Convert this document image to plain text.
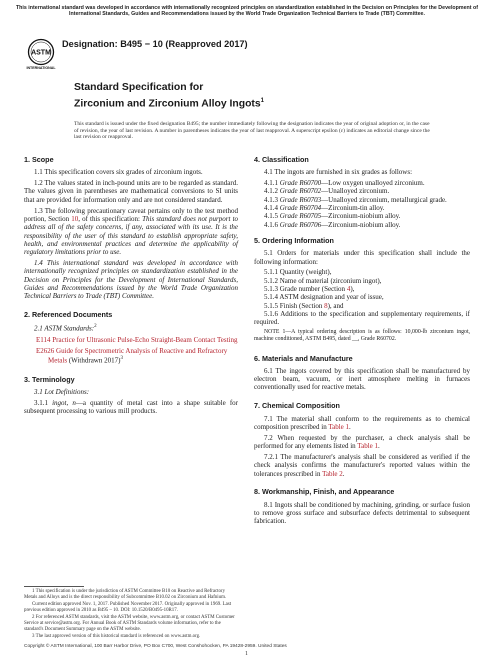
This international standard was developed in accordance with internationally recognized principles on standardization established in the Decision on Principles for the Development of International Standards, Guides and Recommendations issued by the World Trade Organization Technical Barriers to Trade (TBT) Committee.
ASTM
INTERNATIONAL
Designation: B495 − 10 (Reapproved 2017)
Standard Specification for
Zirconium and Zirconium Alloy Ingots$^1$
This standard is issued under the fixed designation B495; the number immediately following the designation indicates the year of original adoption or, in the case of revision, the year of last revision. A number in parentheses indicates the year of last reapproval. A superscript epsilon (ε) indicates an editorial change since the last revision or reapproval.
1. Scope

1.1 This specification covers six grades of zirconium ingots.

1.2 The values stated in inch-pound units are to be regarded as standard. The values given in parentheses are mathematical conversions to SI units that are provided for information only and are not considered standard.

1.3 The following precautionary caveat pertains only to the test method portion, Section 10, of this specification: This standard does not purport to address all of the safety concerns, if any, associated with its use. It is the responsibility of the user of this standard to establish appropriate safety, health, and environmental practices and determine the applicability of regulatory limitations prior to use.

1.4 This international standard was developed in accordance with internationally recognized principles on standardization established in the Decision on Principles for the Development of International Standards, Guides and Recommendations issued by the World Trade Organization Technical Barriers to Trade (TBT) Committee.

2. Referenced Documents

2.1 ASTM Standards:$^2$

E114 Practice for Ultrasonic Pulse-Echo Straight-Beam Contact Testing

E2626 Guide for Spectrometric Analysis of Reactive and Refractory Metals (Withdrawn 2017)$^3$

3. Terminology

3.1 Lot Definitions:

3.1.1 ingot, n—a quantity of metal cast into a shape suitable for subsequent processing to various mill products.

1 This specification is under the jurisdiction of ASTM Committee B10 on Reactive and Refractory Metals and Alloys and is the direct responsibility of Subcommittee B10.02 on Zirconium and Hafnium.

Current edition approved Nov. 1, 2017. Published November 2017. Originally approved in 1969. Last previous edition approved in 2010 as B495 – 10. DOI: 10.1520/B0495-10R17.

2 For referenced ASTM standards, visit the ASTM website, www.astm.org, or contact ASTM Customer Service at service@astm.org. For Annual Book of ASTM Standards volume information, refer to the standard's Document Summary page on the ASTM website.

3 The last approved version of this historical standard is referenced on www.astm.org.

4. Classification

4.1 The ingots are furnished in six grades as follows:

4.1.1 Grade R60700—Low oxygen unalloyed zirconium.

4.1.2 Grade R60702—Unalloyed zirconium.

4.1.3 Grade R60703—Unalloyed zirconium, metallurgical grade.

4.1.4 Grade R60704—Zirconium-tin alloy.

4.1.5 Grade R60705—Zirconium-niobium alloy.

4.1.6 Grade R60706—Zirconium-niobium alloy.

5. Ordering Information

5.1 Orders for materials under this specification shall include the following information:

5.1.1 Quantity (weight),

5.1.2 Name of material (zirconium ingot),

5.1.3 Grade number (Section 4),

5.1.4 ASTM designation and year of issue,

5.1.5 Finish (Section 8), and

5.1.6 Additions to the specification and supplementary requirements, if required.

NOTE 1—A typical ordering description is as follows: 10,000-lb zirconium ingot, machine conditioned, ASTM B495, dated __, Grade R60702.

6. Materials and Manufacture

6.1 The ingots covered by this specification shall be manufactured by electron beam, vacuum, or inert atmosphere melting in furnaces conventionally used for reactive metals.

7. Chemical Composition

7.1 The material shall conform to the requirements as to chemical composition prescribed in Table 1.

7.2 When requested by the purchaser, a check analysis shall be performed for any elements listed in Table 1.

7.2.1 The manufacturer's analysis shall be considered as verified if the check analysis confirms the manufacturer's reported values within the tolerances prescribed in Table 2.

8. Workmanship, Finish, and Appearance

8.1 Ingots shall be conditioned by machining, grinding, or surface fusion to remove gross surface and subsurface defects detrimental to subsequent fabrication.

Copyright © ASTM International, 100 Barr Harbor Drive, PO Box C700, West Conshohocken, PA 19428-2959. United States
1
